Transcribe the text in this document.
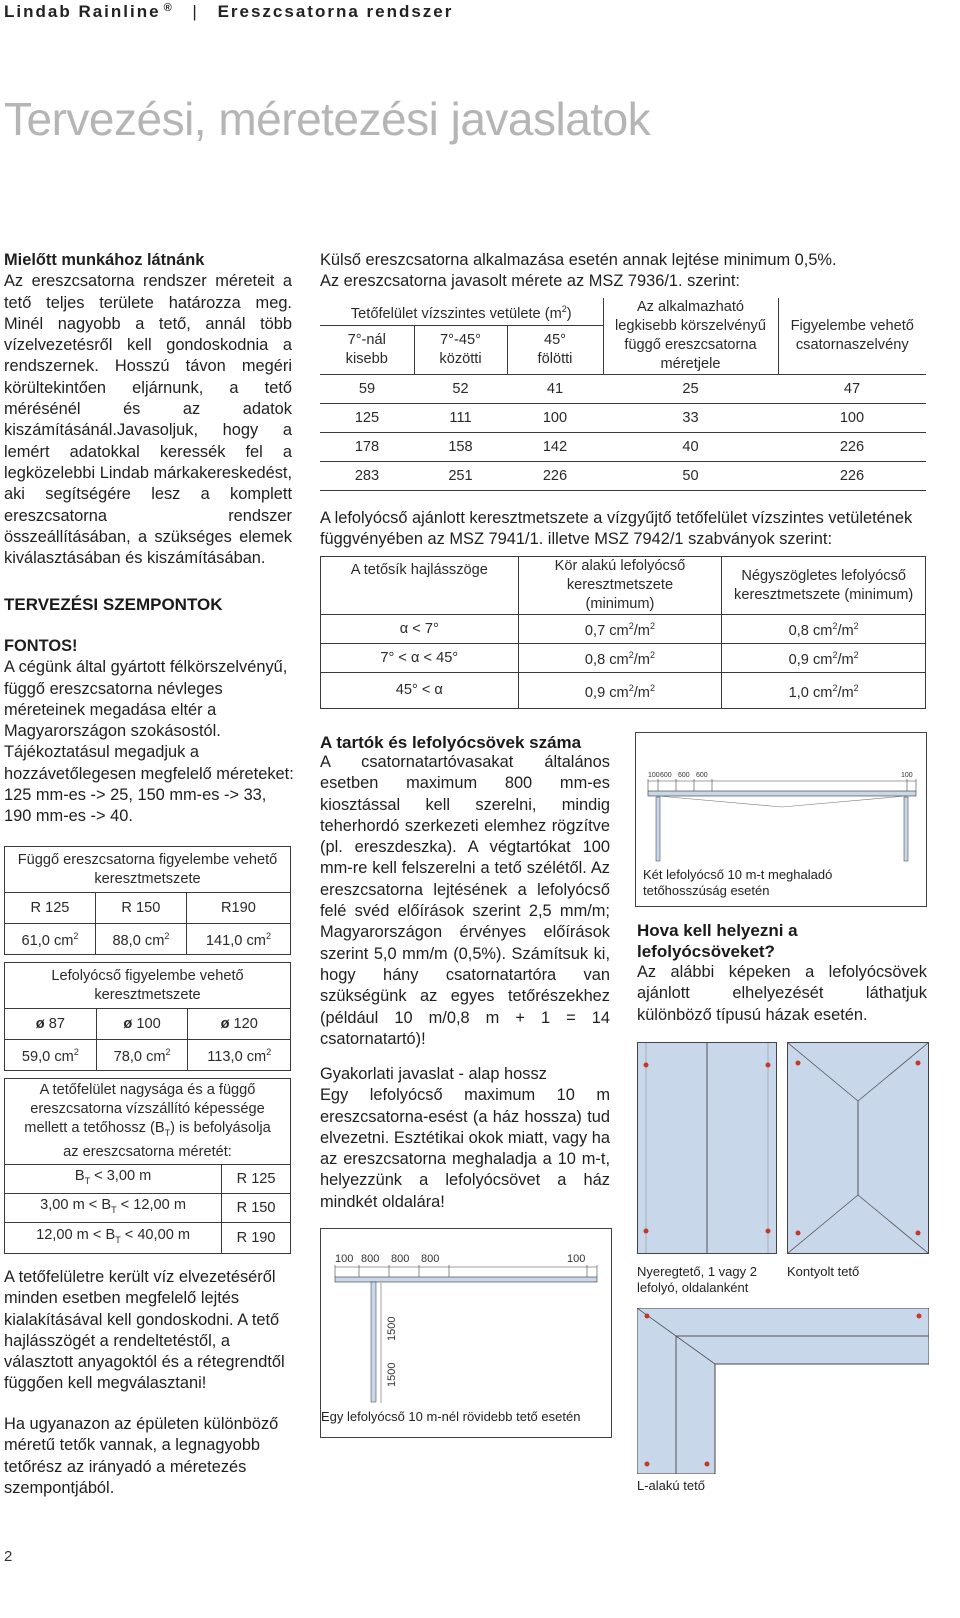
Lindab Rainline ® | Ereszcsatorna rendszer
Tervezési, méretezési javaslatok

Mielőtt munkához látnánk

Az ereszcsatorna rendszer méreteit a tető teljes területe határozza meg. Minél nagyobb a tető, annál több vízelvezetésről kell gondoskodnia a rendszernek. Hosszú távon megéri körültekintően eljárnunk, a tető mérésénél és az adatok kiszámításánál.Javasoljuk, hogy a lemért adatokkal keressék fel a legközelebbi Lindab márkakereskedést, aki segítségére lesz a komplett ereszcsatorna rendszer összeállításában, a szükséges elemek kiválasztásában és kiszámításában.

TERVEZÉSI SZEMPONTOK

FONTOS!

A cégünk által gyártott félkörszelvényű, függő ereszcsatorna névleges méreteinek megadása eltér a Magyarországon szokásostól.

Tájékoztatásul megadjuk a hozzávetőlegesen megfelelő méreteket:

125 mm-es -> 25, 150 mm-es -> 33, 190 mm-es -> 40.

Függő ereszcsatorna figyelembe vehető keresztmetszete		
R 125	R 150	R190
61,0 $cm^2$	88,0 $cm^2$	141,0 $cm^2$
Lefolyócső figyelembe vehető keresztmetszete		
ø 87	ø 100	ø 120
59,0 $cm^2$	78,0 $cm^2$	113,0 $cm^2$
A tetőfelület nagysága és a függő ereszcsatorna vízszállító képessége mellett a tetőhossz $(B_T)$ is befolyásolja az ereszcsatorna méretét:	
$B_T < 3,00$ m	R 125
3,00 $m < B_T < 12,00$ m	R 150
12,00 $m < B_T < 40,00$ m	R 190
A tetőfelületre került víz elvezetéséről minden esetben megfelelő lejtés kialakításával kell gondoskodni. A tető hajlásszögét a rendeltetéstől, a választott anyagoktól és a rétegrendtől függően kell megválasztani!
Ha ugyanazon az épületen különböző méretű tetők vannak, a legnagyobb tetőrész az irányadó a méretezés szempontjából.

Külső ereszcsatorna alkalmazása esetén annak lejtése minimum 0,5%.

Az ereszcsatorna javasolt mérete az MSZ 7936/1. szerint:

Tetőfelület vízszintes vetülete $(m^2)$			Az alkalmazható legkisebb körszelvényű függő ereszcsatorna méretjele	Figyelembe vehető csatornaszelvény
7°-nál kisebb	7°-45° közötti	45° fölötti		
59	52	41	25	47
125	111	100	33	100
178	158	142	40	226
283	251	226	50	226
A lefolyócső ajánlott keresztmetszete a vízgyűjtő tetőfelület vízszintes vetületének függvényében az MSZ 7941/1. illetve MSZ 7942/1 szabványok szerint:
A tetősík hajlásszöge	Kör alakú lefolyócső keresztmetszete (minimum)	Négyszögletes lefolyócső keresztmetszete (minimum)
α < 7°	0,7 $cm^2/m^2$	0,8 $cm^2/m^2$
7° < α < 45°	0,8 $cm^2/m^2$	0,9 $cm^2/m^2$
45° < α	0,9 $cm^2/m^2$	1,0 $cm^2/m^2$
A tartók és lefolyócsövek száma
A csatornatartóvasakat általános esetben maximum 800 mm-es kiosztással kell szerelni, mindig teherhordó szerkezeti elemhez rögzítve (pl. ereszdeszka). A végtartókat 100 mm-re kell felszerelni a tető szélétől. Az ereszcsatorna lejtésének a lefolyócső felé svéd előírások szerint 2,5 mm/m; Magyarországon érvényes előírások szerint 5,0 mm/m (0,5%). Számítsuk ki, hogy hány csatornatartóra van szükségünk az egyes tetőrészekhez (például 10 m/0,8 m + 1 = 14 csatornatartó)!

Gyakorlati javaslat - alap hossz

Egy lefolyócső maximum 10 m ereszcsatorna-esést (a ház hossza) tud elvezetni. Esztétikai okok miatt, vagy ha az ereszcsatorna meghaladja a 10 m-t, helyezzünk a lefolyócsövet a ház mindkét oldalára!

100 600 600 600	100
Két lefolyócső 10 m-t meghaladó tetőhosszúság esetén
Hova kell helyezni a lefolyócsöveket?
Az alábbi képeken a lefolyócsövek ajánlott elhelyezését láthatjuk különböző típusú házak esetén.
100 800 800 800	100
1500
1500
Egy lefolyócső 10 m-nél rövidebb tető esetén
Nyeregtető, 1 vagy 2 lefolyó, oldalanként
Kontyolt tető
L-alakú tető
2
